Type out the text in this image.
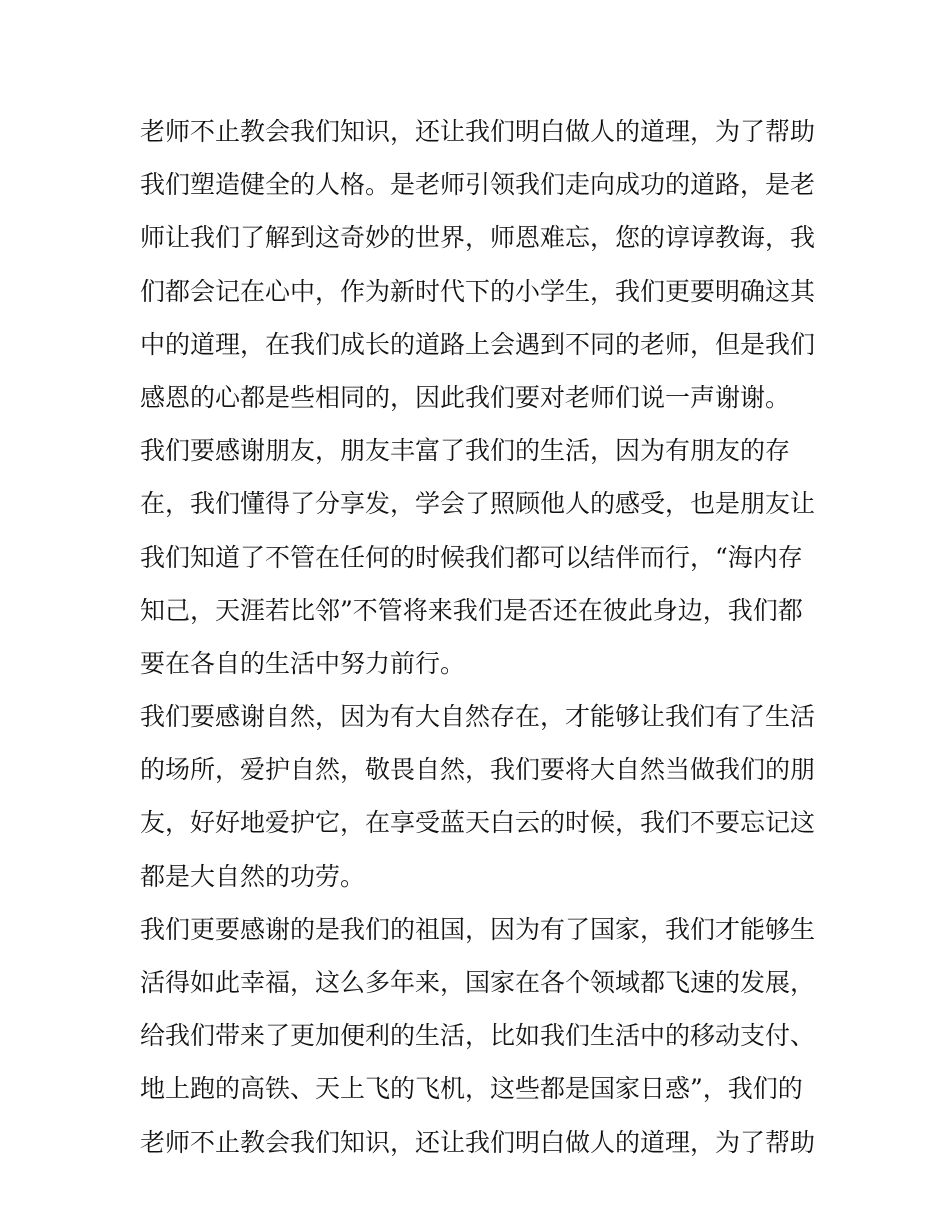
老师不止教会我们知识，还让我们明白做人的道理，为了帮助
我们塑造健全的人格。是老师引领我们走向成功的道路，是老
师让我们了解到这奇妙的世界，师恩难忘，您的谆谆教诲，我
们都会记在心中，作为新时代下的小学生，我们更要明确这其
中的道理，在我们成长的道路上会遇到不同的老师，但是我们
感恩的心都是些相同的，因此我们要对老师们说一声谢谢。
我们要感谢朋友，朋友丰富了我们的生活，因为有朋友的存
在，我们懂得了分享发，学会了照顾他人的感受，也是朋友让
我们知道了不管在任何的时候我们都可以结伴而行，“海内存
知己，天涯若比邻”不管将来我们是否还在彼此身边，我们都
要在各自的生活中努力前行。
我们要感谢自然，因为有大自然存在，才能够让我们有了生活
的场所，爱护自然，敬畏自然，我们要将大自然当做我们的朋
友，好好地爱护它，在享受蓝天白云的时候，我们不要忘记这
都是大自然的功劳。
我们更要感谢的是我们的祖国，因为有了国家，我们才能够生
活得如此幸福，这么多年来，国家在各个领域都飞速的发展，
给我们带来了更加便利的生活，比如我们生活中的移动支付、
地上跑的高铁、天上飞的飞机，这些都是国家日惑”，我们的
老师不止教会我们知识，还让我们明白做人的道理，为了帮助
